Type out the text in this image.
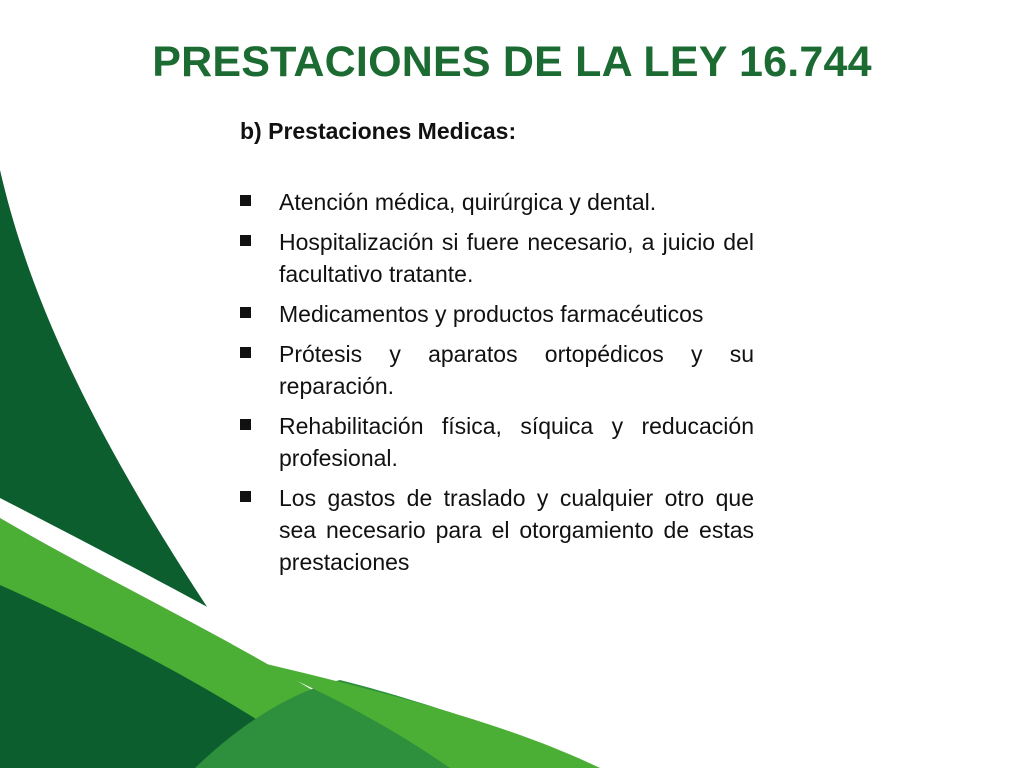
PRESTACIONES DE LA LEY 16.744

b) Prestaciones Medicas:

Atención médica, quirúrgica y dental.
Hospitalización si fuere necesario, a juicio del facultativo tratante.
Medicamentos y productos farmacéuticos
Prótesis y aparatos ortopédicos y su reparación.
Rehabilitación física, síquica y reducación profesional.
Los gastos de traslado y cualquier otro que sea necesario para el otorgamiento de estas prestaciones
